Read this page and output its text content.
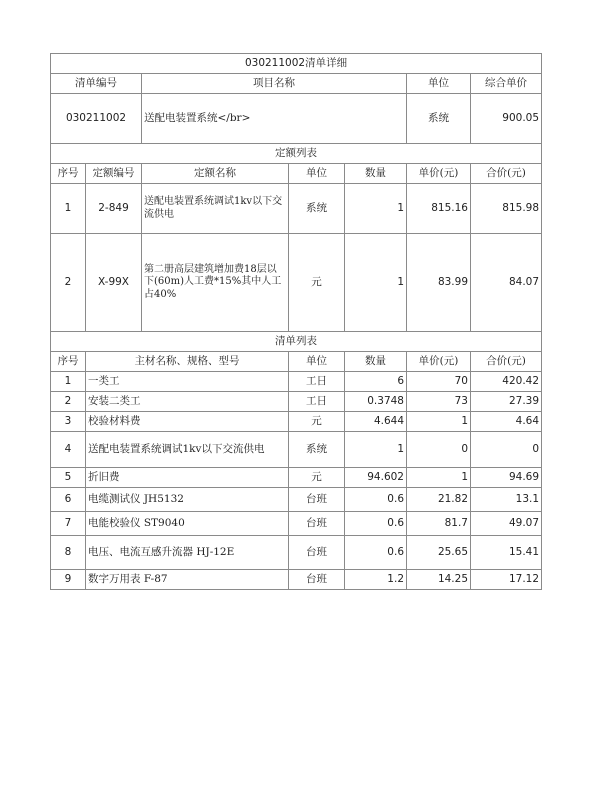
030211002清单详细						
清单编号		项目名称			单位	综合单价
030211002		送配电装置系统</br>			系统	900.05
定额列表						
序号	定额编号	定额名称	单位	数量	单价(元)	合价(元)
1	2-849	送配电装置系统调试1kv以下交流供电	系统	1	815.16	815.98
2	X-99X	第二册高层建筑增加费18层以下(60m)人工费*15%其中人工占40%	元	1	83.99	84.07
清单列表						
序号	主材名称、规格、型号		单位	数量	单价(元)	合价(元)
1	一类工		工日	6	70	420.42
2	安装二类工		工日	0.3748	73	27.39
3	校验材料费		元	4.644	1	4.64
4	送配电装置系统调试1kv以下交流供电		系统	1	0	0
5	折旧费		元	94.602	1	94.69
6	电缆测试仪 JH5132		台班	0.6	21.82	13.1
7	电能校验仪 ST9040		台班	0.6	81.7	49.07
8	电压、电流互感升流器 HJ-12E		台班	0.6	25.65	15.41
9	数字万用表 F-87		台班	1.2	14.25	17.12
